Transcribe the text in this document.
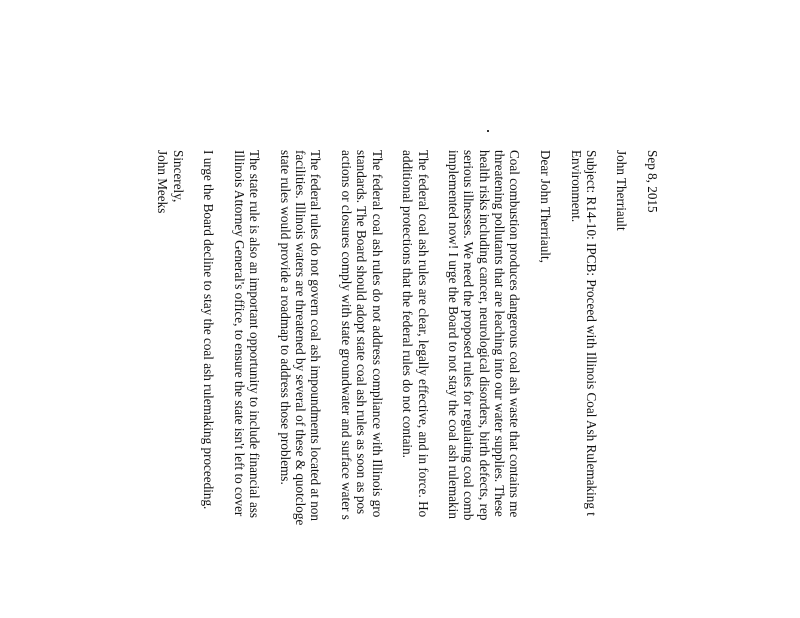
Sep 8, 2015
John Therriault
Subject: R14-10: IPCB: Proceed with Illinois Coal Ash Rulemaking t
Environment.
Dear John Therriault,
Coal combustion produces dangerous coal ash waste that contains me
threatening pollutants that are leaching into our water supplies. These
health risks including cancer, neurological disorders, birth defects, rep
serious illnesses. We need the proposed rules for regulating coal comb
implemented now! I urge the Board to not stay the coal ash rulemakin
The federal coal ash rules are clear, legally effective, and in force. Ho
additional protections that the federal rules do not contain.
The federal coal ash rules do not address compliance with Illinois gro
standards. The Board should adopt state coal ash rules as soon as pos
actions or closures comply with state groundwater and surface water s
The federal rules do not govern coal ash impoundments located at non
facilities. Illinois waters are threatened by several of these & quotcloge
state rules would provide a roadmap to address those problems.
The state rule is also an important opportunity to include financial ass
Illinois Attorney General's office, to ensure the state isn't left to cover
I urge the Board decline to stay the coal ash rulemaking proceeding.
Sincerely,
John Meeks
